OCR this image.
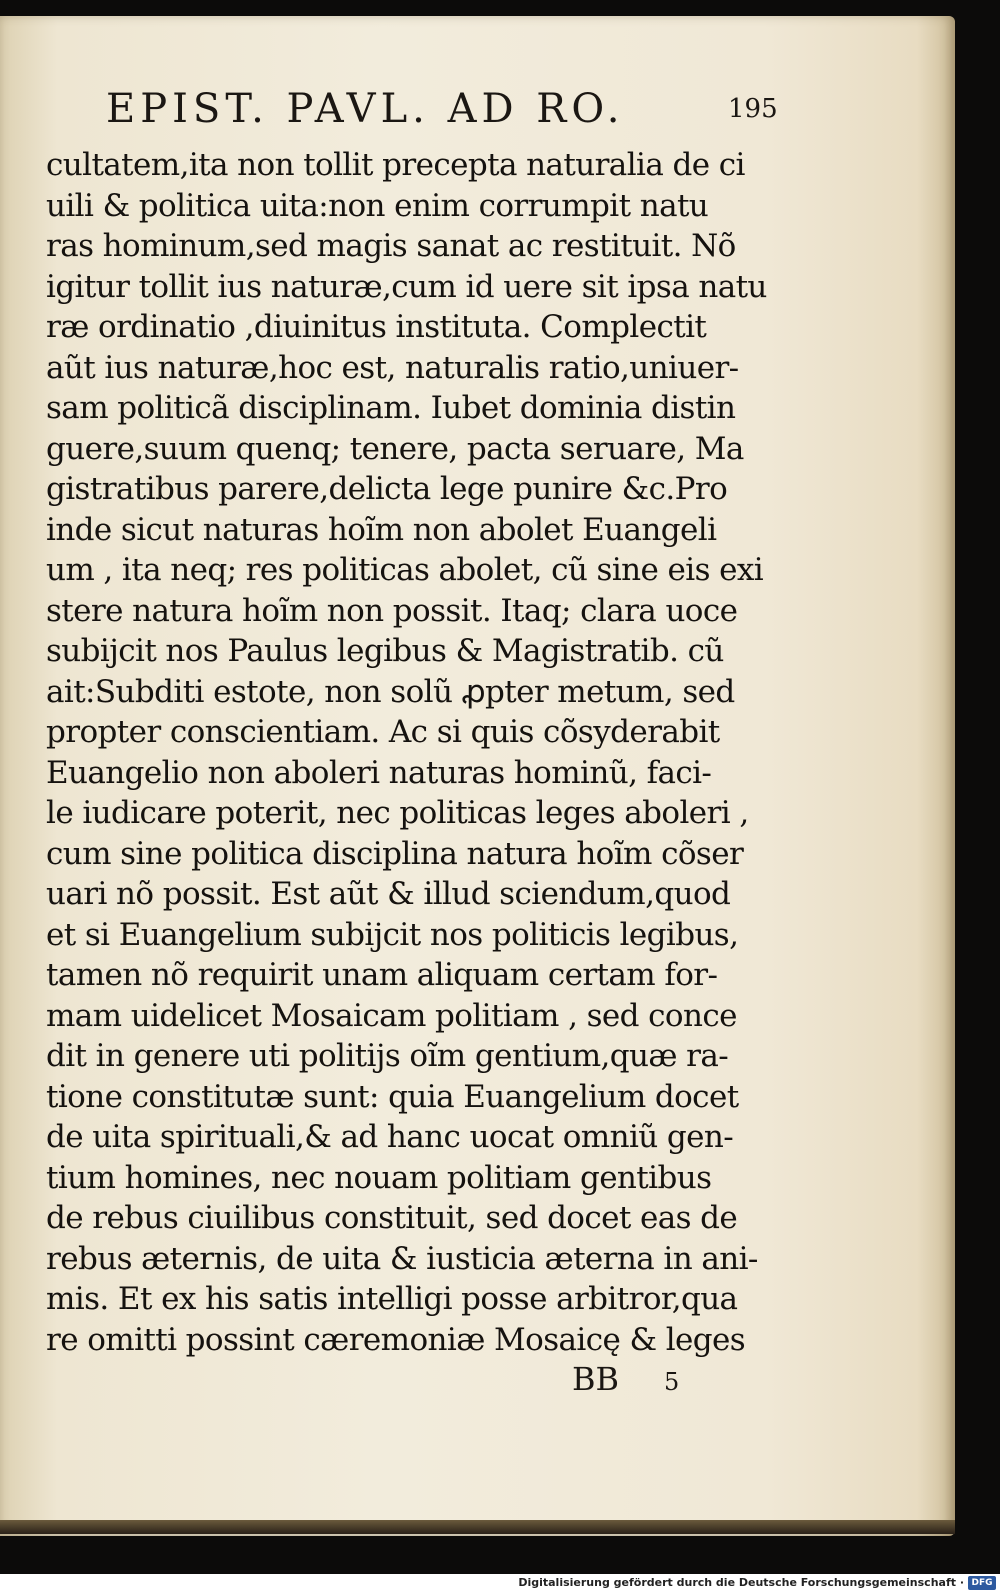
EPIST. PAVL. AD RO.	195
cultatem,ita non tollit precepta naturalia de ci
uili & politica uita:non enim corrumpit natu
ras hominum,sed magis sanat ac restituit. Nõ
igitur tollit ius naturæ,cum id uere sit ipsa natu
ræ ordinatio ,diuinitus instituta. Complectit
aũt ius naturæ,hoc est, naturalis ratio,uniuer-
sam politicã disciplinam. Iubet dominia distin
guere,suum quenq; tenere, pacta seruare, Ma
gistratibus parere,delicta lege punire &c.Pro
inde sicut naturas hoĩm non abolet Euangeli
um , ita neq; res politicas abolet, cũ sine eis exi
stere natura hoĩm non possit. Itaq; clara uoce
subijcit nos Paulus legibus & Magistratib. cũ
ait:Subditi estote, non solũ ꝓpter metum, sed
propter conscientiam. Ac si quis cõsyderabit
Euangelio non aboleri naturas hominũ, faci-
le iudicare poterit, nec politicas leges aboleri ,
cum sine politica disciplina natura hoĩm cõser
uari nõ possit. Est aũt & illud sciendum,quod
et si Euangelium subijcit nos politicis legibus,
tamen nõ requirit unam aliquam certam for-
mam uidelicet Mosaicam politiam , sed conce
dit in genere uti politijs oĩm gentium,quæ ra-
tione constitutæ sunt: quia Euangelium docet
de uita spirituali,& ad hanc uocat omniũ gen-
tium homines, nec nouam politiam gentibus
de rebus ciuilibus constituit, sed docet eas de
rebus æternis, de uita & iusticia æterna in ani-
mis. Et ex his satis intelligi posse arbitror,qua
re omitti possint cæremoniæ Mosaicę & leges
BB 5
Digitalisierung gefördert durch die Deutsche Forschungsgemeinschaft · DFG
